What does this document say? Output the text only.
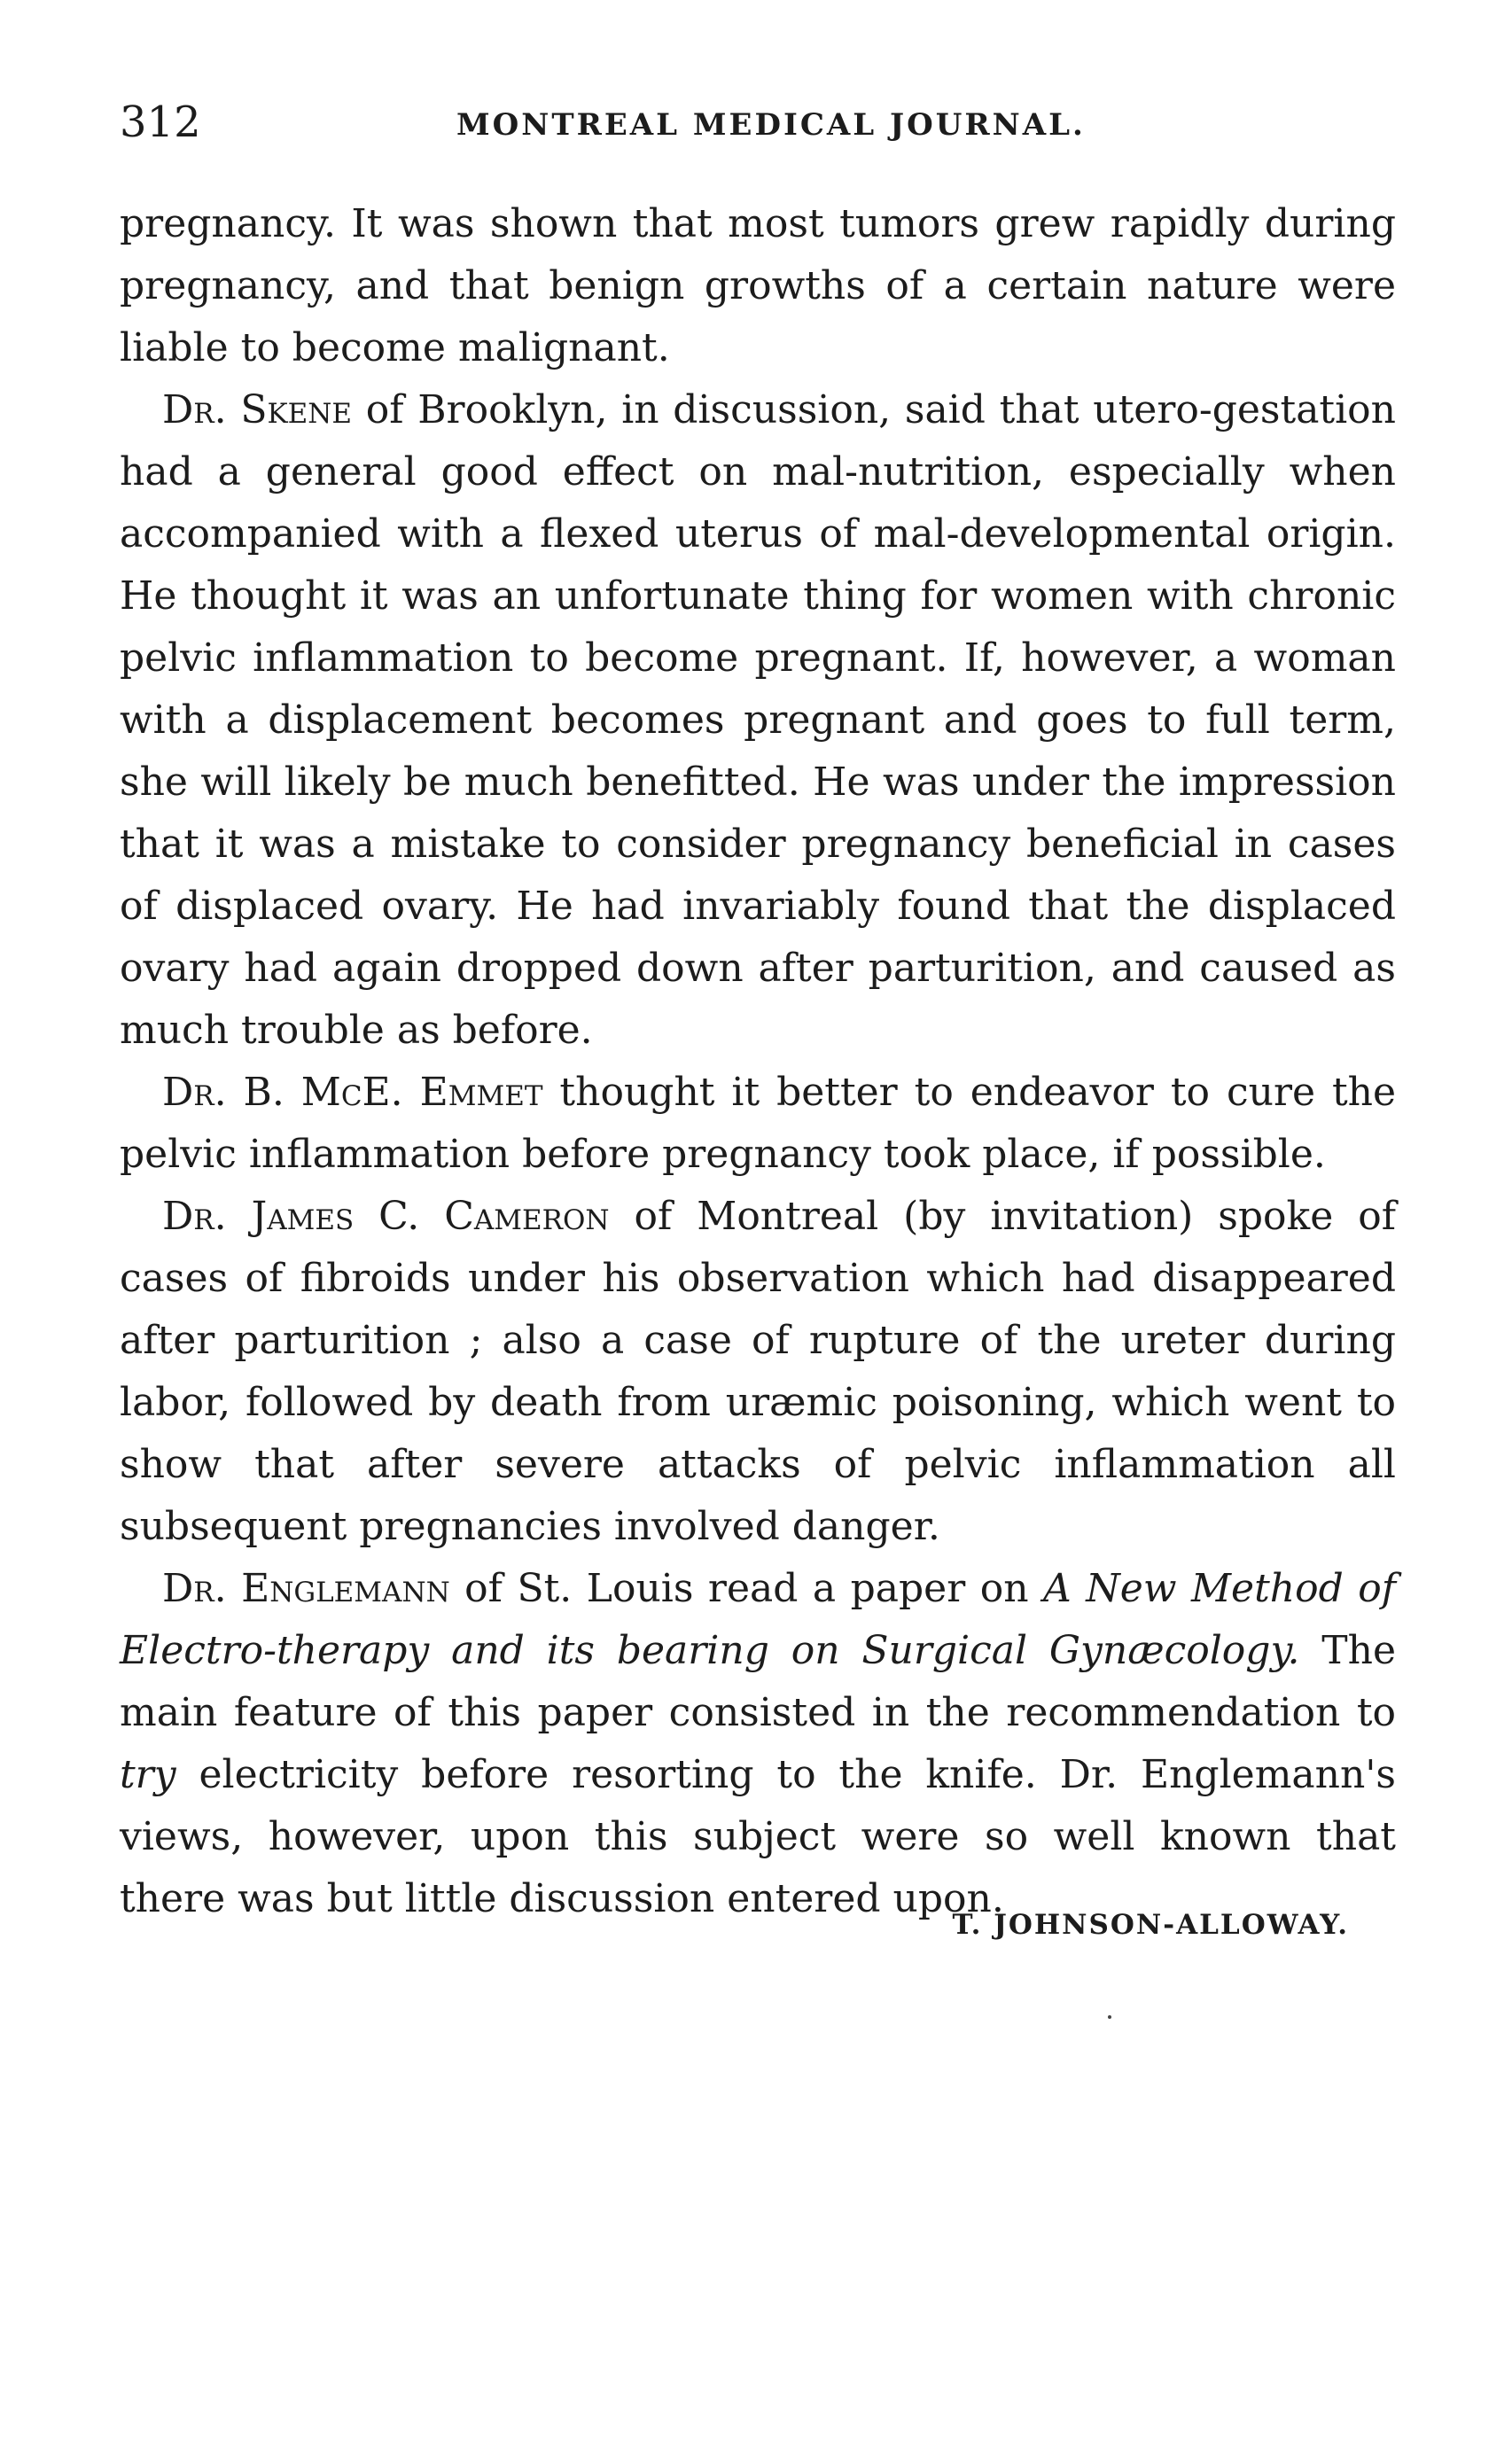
312	MONTREAL MEDICAL JOURNAL.

pregnancy. It was shown that most tumors grew rapidly during pregnancy, and that benign growths of a certain nature were liable to become malignant.

Dr. Skene of Brooklyn, in discussion, said that utero-gestation had a general good effect on mal-nutrition, especially when accompanied with a flexed uterus of mal-developmental origin. He thought it was an unfortunate thing for women with chronic pelvic inflammation to become pregnant. If, however, a woman with a displacement becomes pregnant and goes to full term, she will likely be much benefitted. He was under the impression that it was a mistake to consider pregnancy beneficial in cases of displaced ovary. He had invariably found that the displaced ovary had again dropped down after parturition, and caused as much trouble as before.

Dr. B. McE. Emmet thought it better to endeavor to cure the pelvic inflammation before pregnancy took place, if possible.

Dr. James C. Cameron of Montreal (by invitation) spoke of cases of fibroids under his observation which had disappeared after parturition ; also a case of rupture of the ureter during labor, followed by death from uræmic poisoning, which went to show that after severe attacks of pelvic inflammation all subsequent pregnancies involved danger.

Dr. Englemann of St. Louis read a paper on A New Method of Electro-therapy and its bearing on Surgical Gynæcology. The main feature of this paper consisted in the recommendation to try electricity before resorting to the knife. Dr. Englemann's views, however, upon this subject were so well known that there was but little discussion entered upon.

T. JOHNSON-ALLOWAY.
